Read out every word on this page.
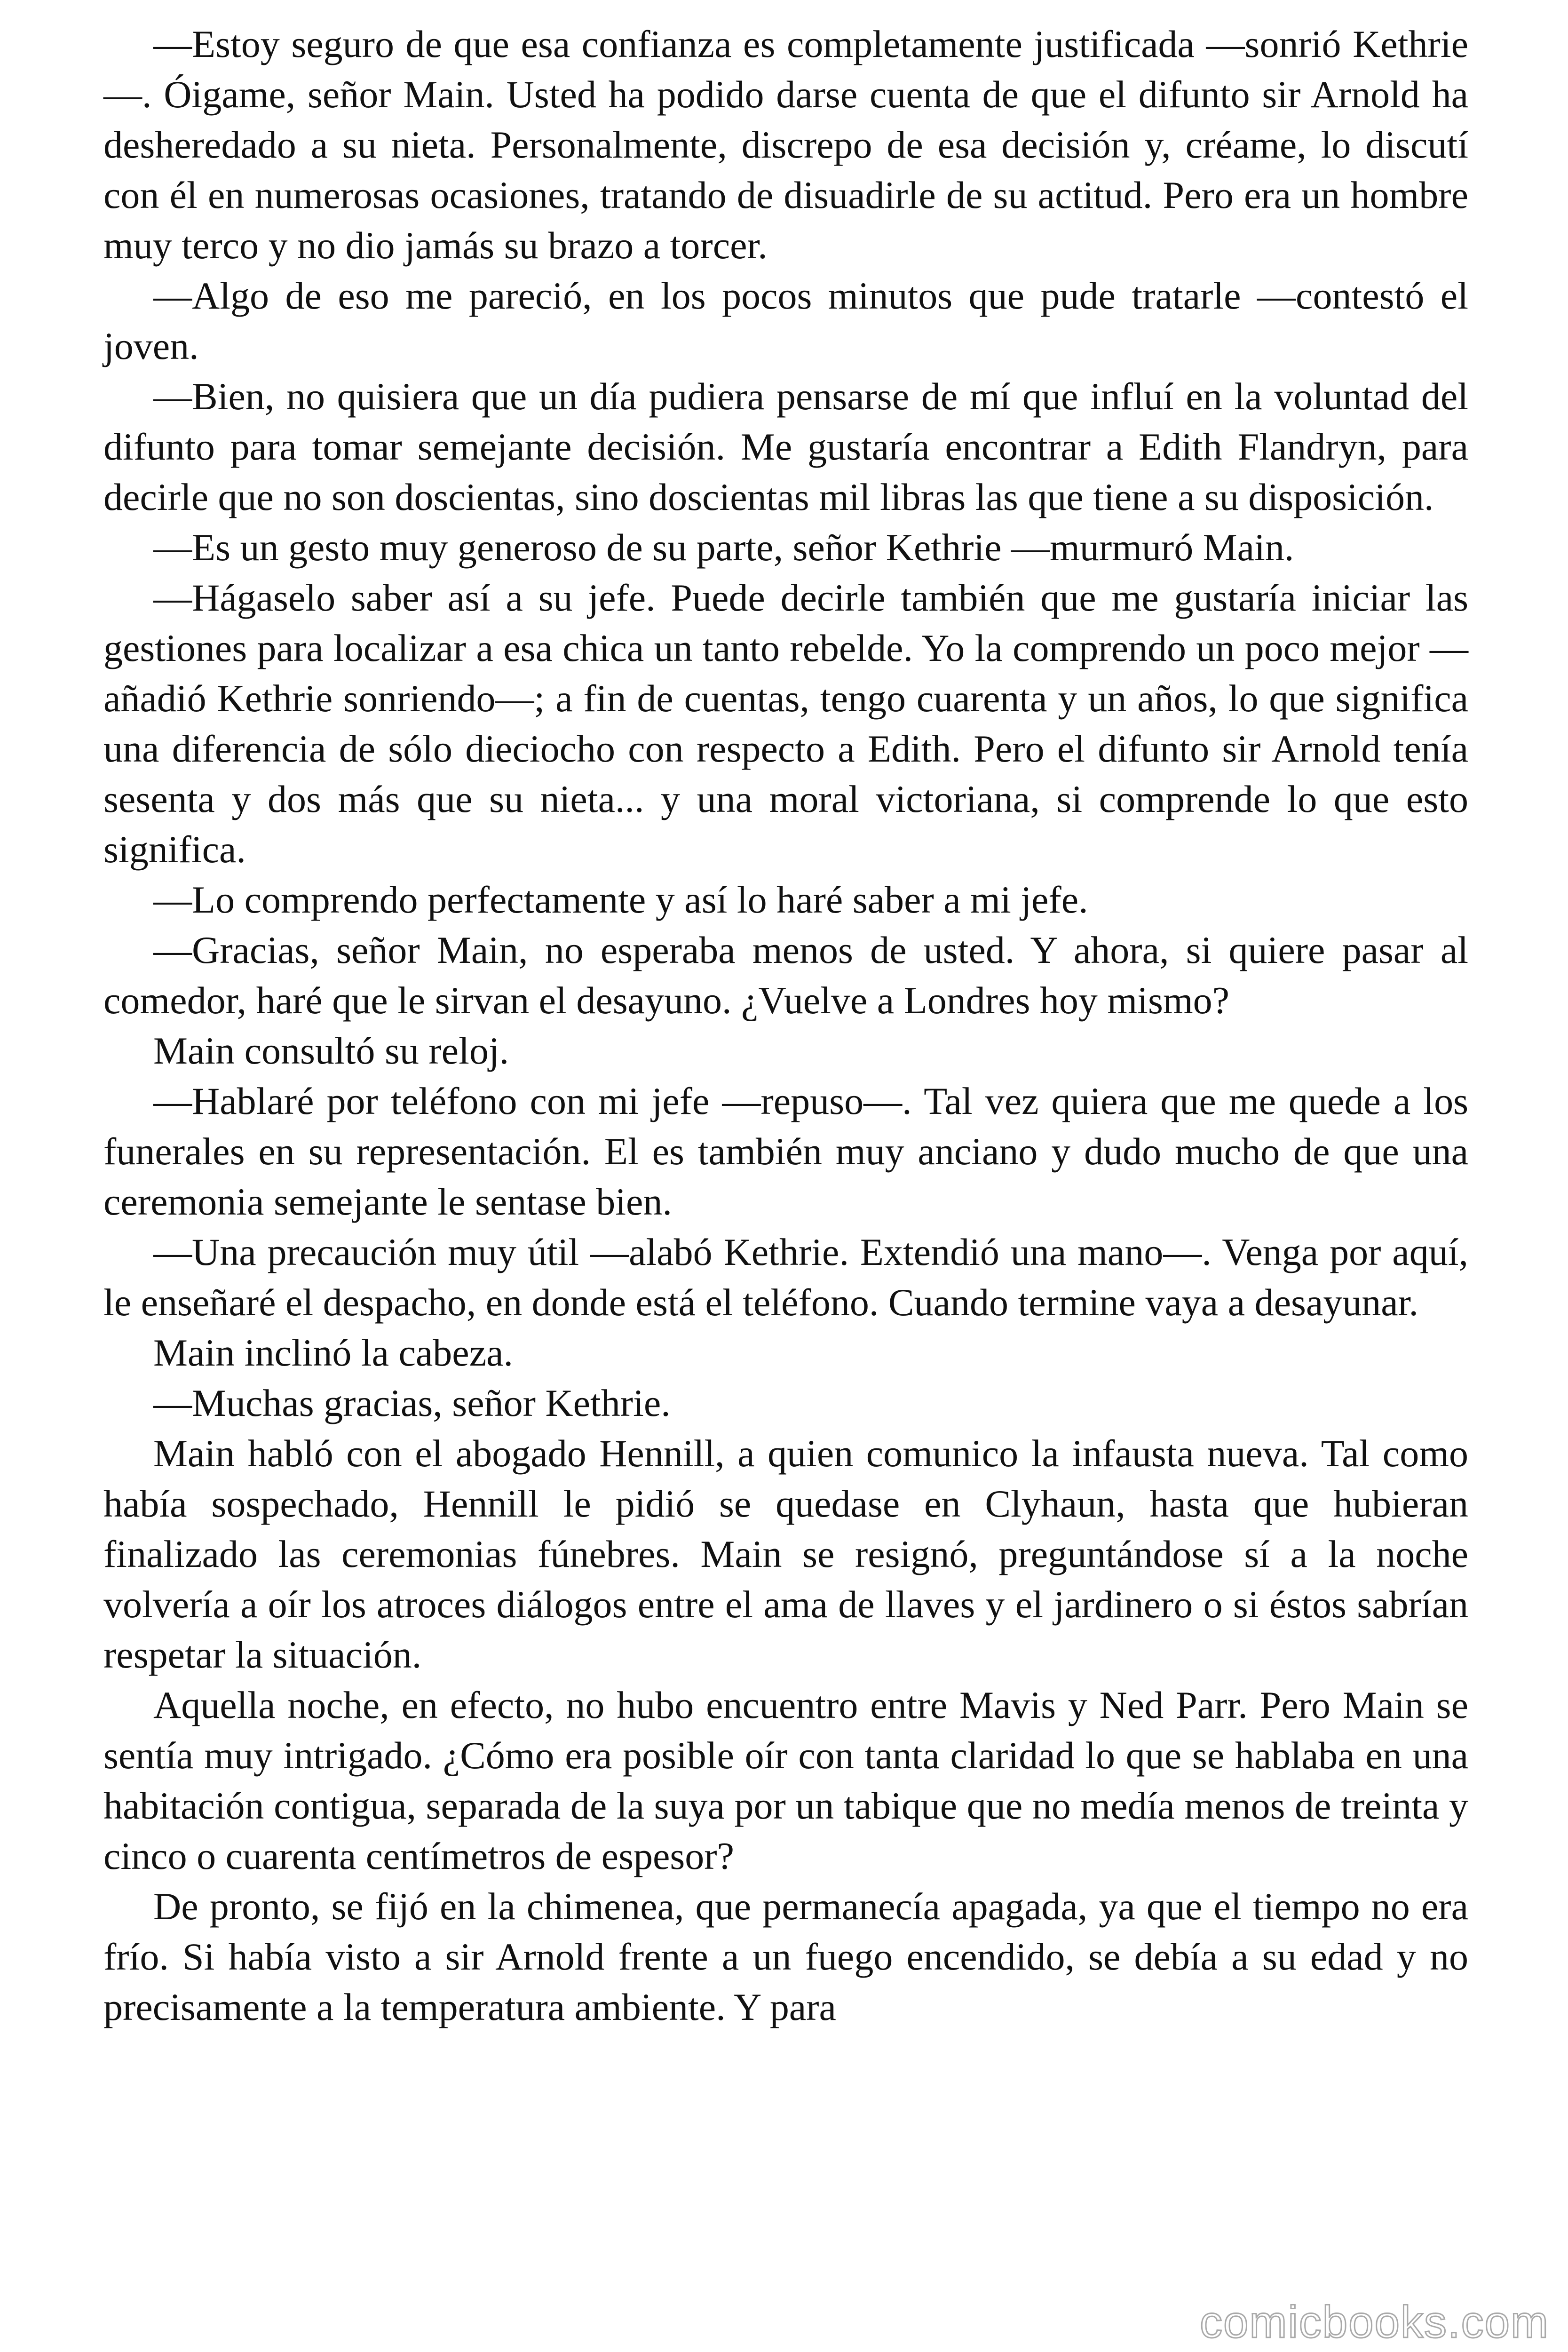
—Estoy seguro de que esa confianza es completamente justificada —sonrió Kethrie—. Óigame, señor Main. Usted ha podido darse cuenta de que el difunto sir Arnold ha desheredado a su nieta. Personalmente, discrepo de esa decisión y, créame, lo discutí con él en numerosas ocasiones, tratando de disuadirle de su actitud. Pero era un hombre muy terco y no dio jamás su brazo a torcer.

—Algo de eso me pareció, en los pocos minutos que pude tratarle —contestó el joven.

—Bien, no quisiera que un día pudiera pensarse de mí que influí en la voluntad del difunto para tomar semejante decisión. Me gustaría encontrar a Edith Flandryn, para decirle que no son doscientas, sino doscientas mil libras las que tiene a su disposición.

—Es un gesto muy generoso de su parte, señor Kethrie —murmuró Main.

—Hágaselo saber así a su jefe. Puede decirle también que me gustaría iniciar las gestiones para localizar a esa chica un tanto rebelde. Yo la comprendo un poco mejor — añadió Kethrie sonriendo—; a fin de cuentas, tengo cuarenta y un años, lo que significa una diferencia de sólo dieciocho con respecto a Edith. Pero el difunto sir Arnold tenía sesenta y dos más que su nieta... y una moral victoriana, si comprende lo que esto significa.

—Lo comprendo perfectamente y así lo haré saber a mi jefe.

—Gracias, señor Main, no esperaba menos de usted. Y ahora, si quiere pasar al comedor, haré que le sirvan el desayuno. ¿Vuelve a Londres hoy mismo?

Main consultó su reloj.

—Hablaré por teléfono con mi jefe —repuso—. Tal vez quiera que me quede a los funerales en su representación. El es también muy anciano y dudo mucho de que una ceremonia semejante le sentase bien.

—Una precaución muy útil —alabó Kethrie. Extendió una mano—. Venga por aquí, le enseñaré el despacho, en donde está el teléfono. Cuando termine vaya a desayunar.

Main inclinó la cabeza.

—Muchas gracias, señor Kethrie.

Main habló con el abogado Hennill, a quien comunico la infausta nueva. Tal como había sospechado, Hennill le pidió se quedase en Clyhaun, hasta que hubieran finalizado las ceremonias fúnebres. Main se resignó, preguntándose sí a la noche volvería a oír los atroces diálogos entre el ama de llaves y el jardinero o si éstos sabrían respetar la situación.

Aquella noche, en efecto, no hubo encuentro entre Mavis y Ned Parr. Pero Main se sentía muy intrigado. ¿Cómo era posible oír con tanta claridad lo que se hablaba en una habitación contigua, separada de la suya por un tabique que no medía menos de treinta y cinco o cuarenta centímetros de espesor?

De pronto, se fijó en la chimenea, que permanecía apagada, ya que el tiempo no era frío. Si había visto a sir Arnold frente a un fuego encendido, se debía a su edad y no precisamente a la temperatura ambiente. Y para

comicbooks.com
